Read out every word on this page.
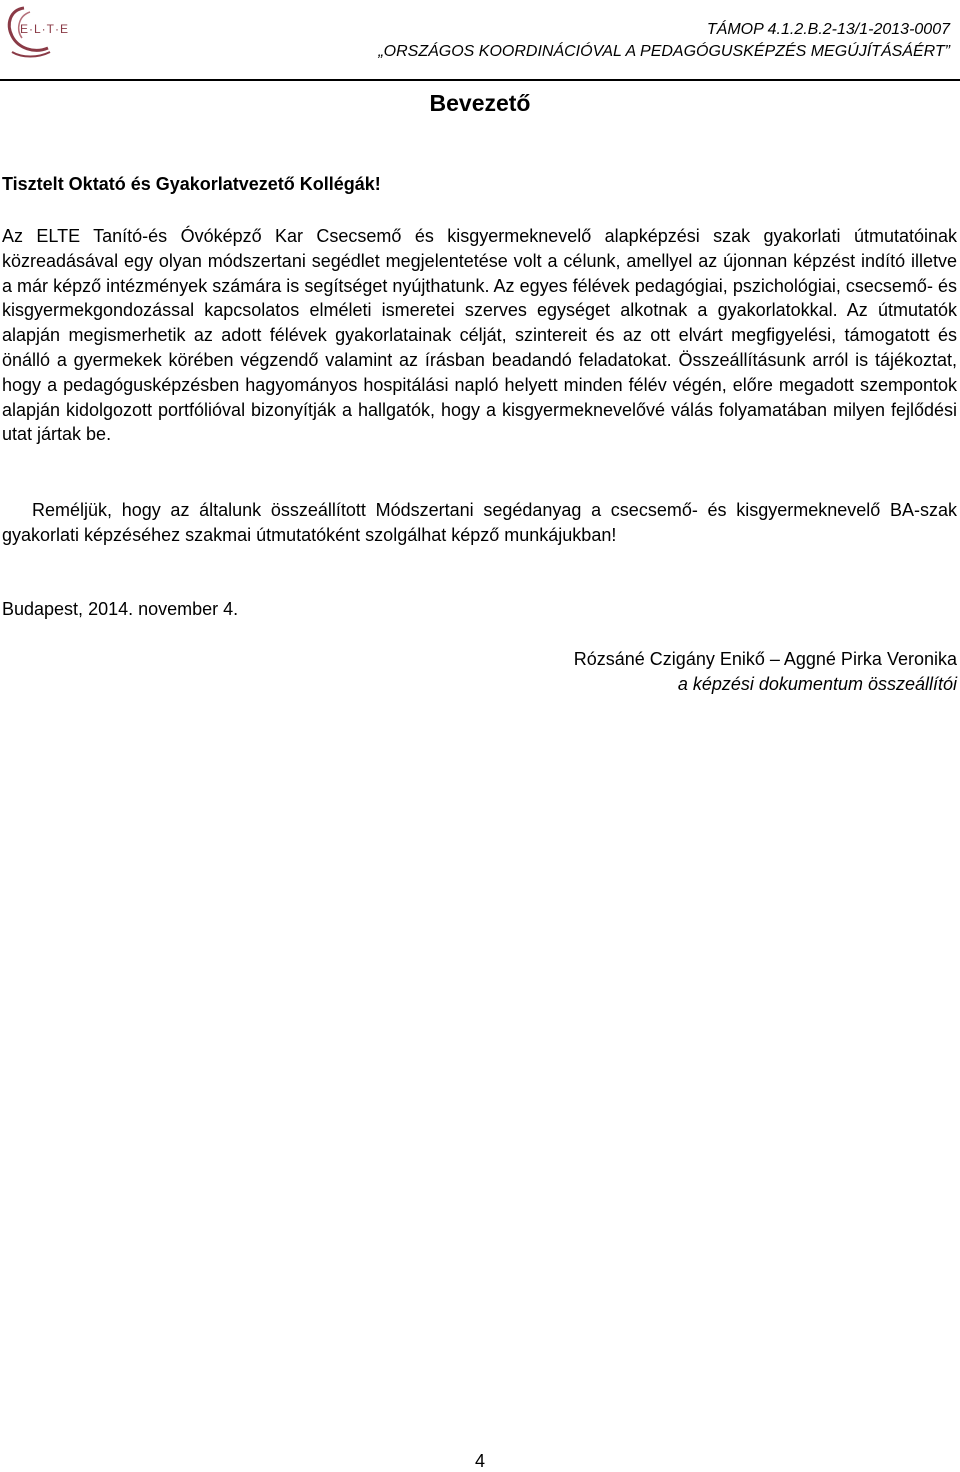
E·L·T·E	TÁMOP 4.1.2.B.2-13/1-2013-0007
„ORSZÁGOS KOORDINÁCIÓVAL A PEDAGÓGUSKÉPZÉS MEGÚJÍTÁSÁÉRT”
Bevezető
Tisztelt Oktató és Gyakorlatvezető Kollégák!

Az ELTE Tanító-és Óvóképző Kar Csecsemő és kisgyermeknevelő alapképzési szak gyakorlati útmutatóinak közreadásával egy olyan módszertani segédlet megjelentetése volt a célunk, amellyel az újonnan képzést indító illetve a már képző intézmények számára is segítséget nyújthatunk. Az egyes félévek pedagógiai, pszichológiai, csecsemő- és kisgyermekgondozással kapcsolatos elméleti ismeretei szerves egységet alkotnak a gyakorlatokkal. Az útmutatók alapján megismerhetik az adott félévek gyakorlatainak célját, szintereit és az ott elvárt megfigyelési, támogatott és önálló a gyermekek körében végzendő valamint az írásban beadandó feladatokat. Összeállításunk arról is tájékoztat, hogy a pedagógusképzésben hagyományos hospitálási napló helyett minden félév végén, előre megadott szempontok alapján kidolgozott portfólióval bizonyítják a hallgatók, hogy a kisgyermeknevelővé válás folyamatában milyen fejlődési utat jártak be.

Reméljük, hogy az általunk összeállított Módszertani segédanyag a csecsemő- és kisgyermeknevelő BA-szak gyakorlati képzéséhez szakmai útmutatóként szolgálhat képző munkájukban!

Budapest, 2014. november 4.
Rózsáné Czigány Enikő – Aggné Pirka Veronika
a képzési dokumentum összeállítói
4
